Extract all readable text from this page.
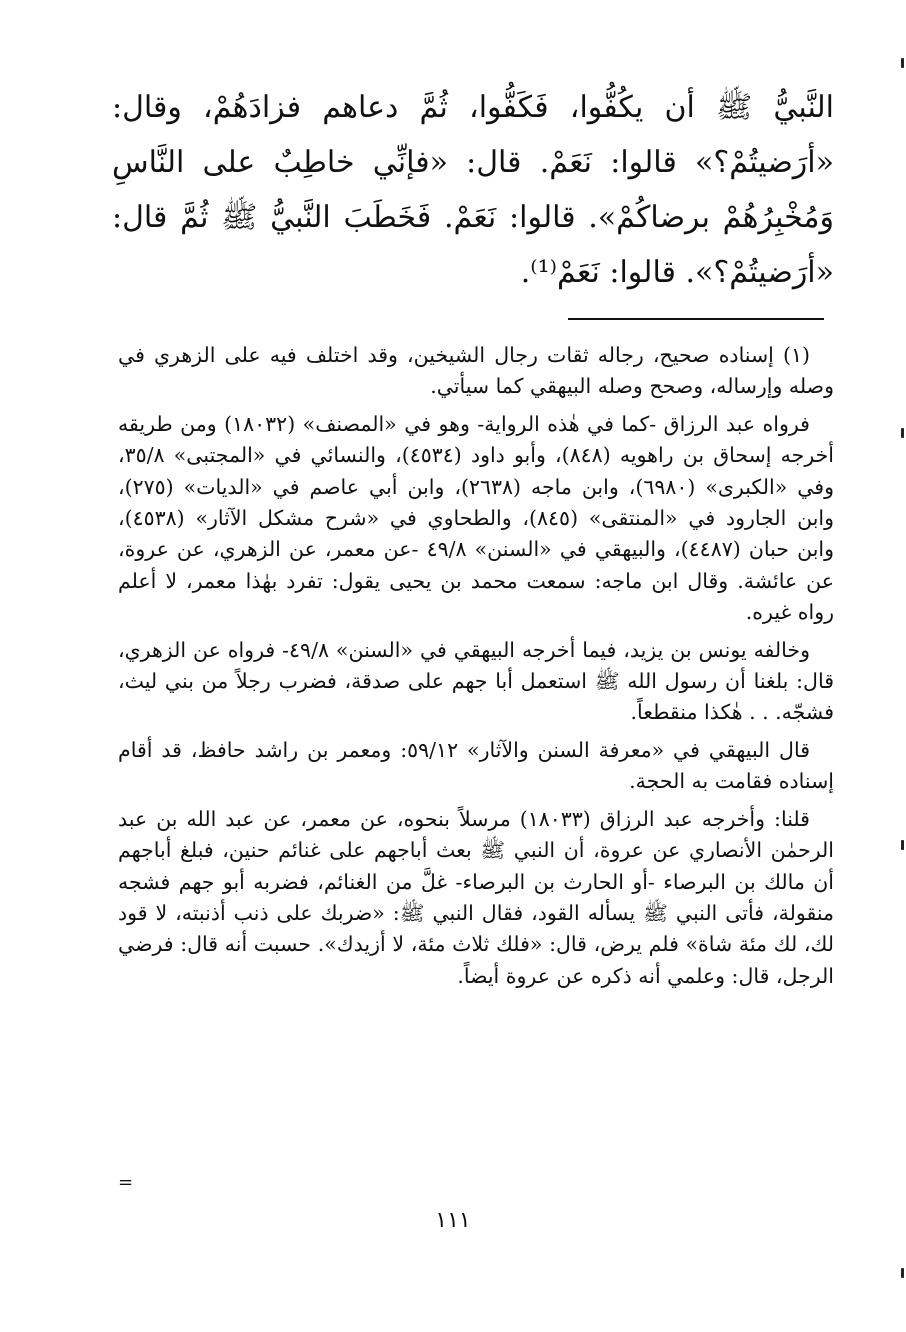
النَّبيُّ ﷺ أن يكُفُّوا، فَكَفُّوا، ثُمَّ دعاهم فزادَهُمْ، وقال: «أرَضيتُمْ؟» قالوا: نَعَمْ. قال: «فإنِّي خاطِبٌ على النَّاسِ وَمُخْبِرُهُمْ برضاكُمْ». قالوا: نَعَمْ. فَخَطَبَ النَّبيُّ ﷺ ثُمَّ قال: «أرَضيتُمْ؟». قالوا: نَعَمْ⁽¹⁾.

(١) إسناده صحيح، رجاله ثقات رجال الشيخين، وقد اختلف فيه على الزهري في وصله وإرساله، وصحح وصله البيهقي كما سيأتي.

فرواه عبد الرزاق -كما في هٰذه الرواية- وهو في «المصنف» (١٨٠٣٢) ومن طريقه أخرجه إسحاق بن راهويه (٨٤٨)، وأبو داود (٤٥٣٤)، والنسائي في «المجتبى» ٣٥/٨، وفي «الكبرى» (٦٩٨٠)، وابن ماجه (٢٦٣٨)، وابن أبي عاصم في «الديات» (٢٧٥)، وابن الجارود في «المنتقى» (٨٤٥)، والطحاوي في «شرح مشكل الآثار» (٤٥٣٨)، وابن حبان (٤٤٨٧)، والبيهقي في «السنن» ٤٩/٨ -عن معمر، عن الزهري، عن عروة، عن عائشة. وقال ابن ماجه: سمعت محمد بن يحيى يقول: تفرد بهٰذا معمر، لا أعلم رواه غيره.

وخالفه يونس بن يزيد، فيما أخرجه البيهقي في «السنن» ٤٩/٨- فرواه عن الزهري، قال: بلغنا أن رسول الله ﷺ استعمل أبا جهم على صدقة، فضرب رجلاً من بني ليث، فشجّه. . . هٰكذا منقطعاً.

قال البيهقي في «معرفة السنن والآثار» ٥٩/١٢: ومعمر بن راشد حافظ، قد أقام إسناده فقامت به الحجة.

قلنا: وأخرجه عبد الرزاق (١٨٠٣٣) مرسلاً بنحوه، عن معمر، عن عبد الله بن عبد الرحمٰن الأنصاري عن عروة، أن النبي ﷺ بعث أباجهم على غنائم حنين، فبلغ أباجهم أن مالك بن البرصاء -أو الحارث بن البرصاء- غلَّ من الغنائم، فضربه أبو جهم فشجه منقولة، فأتى النبي ﷺ يسأله القود، فقال النبي ﷺ: «ضربك على ذنب أذنبته، لا قود لك، لك مئة شاة» فلم يرض، قال: «فلك ثلاث مئة، لا أزيدك». حسبت أنه قال: فرضي الرجل، قال: وعلمي أنه ذكره عن عروة أيضاً.

=
١١١
